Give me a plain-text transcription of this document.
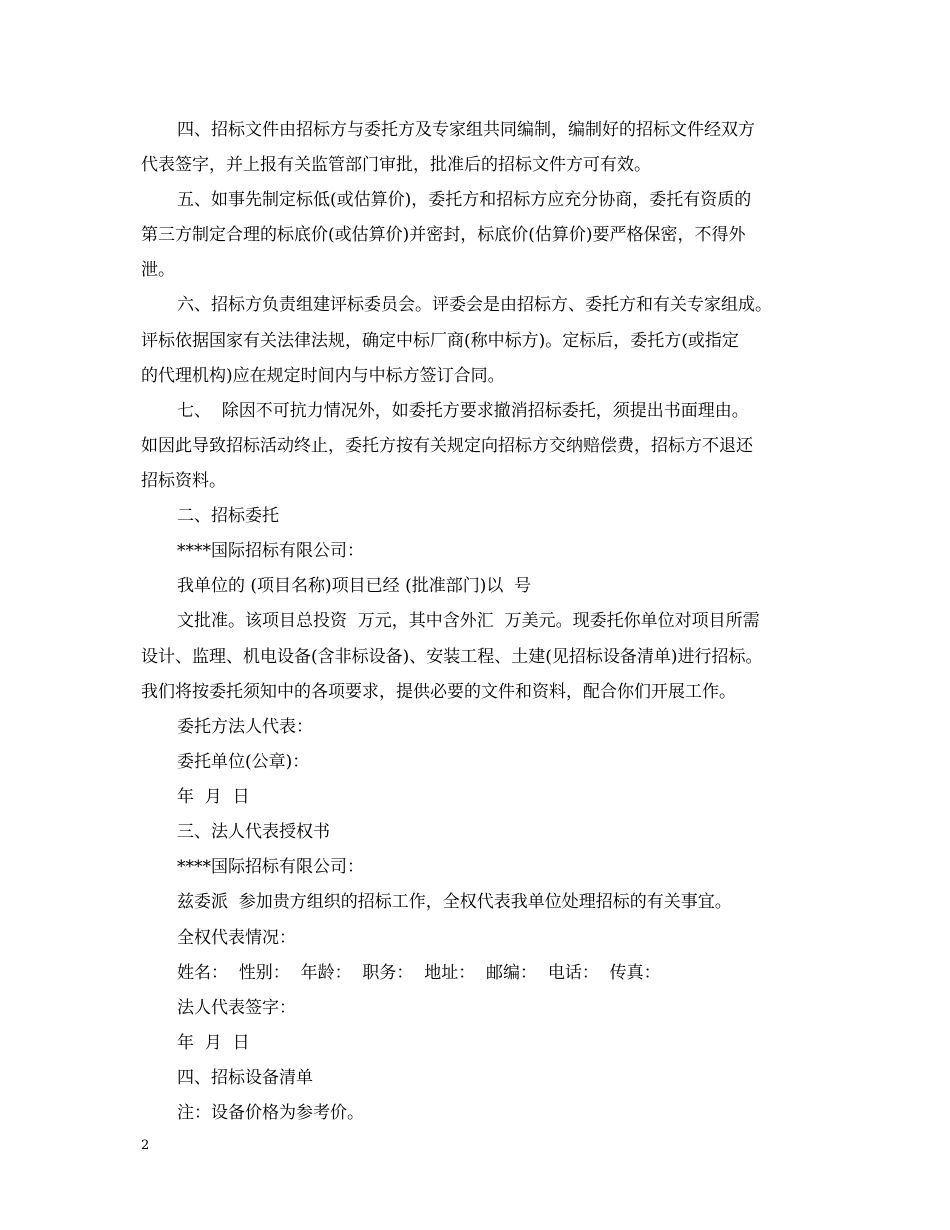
四、招标文件由招标方与委托方及专家组共同编制，编制好的招标文件经双方
代表签字，并上报有关监管部门审批，批准后的招标文件方可有效。
五、如事先制定标低(或估算价)，委托方和招标方应充分协商，委托有资质的
第三方制定合理的标底价(或估算价)并密封，标底价(估算价)要严格保密，不得外
泄。
六、招标方负责组建评标委员会。评委会是由招标方、委托方和有关专家组成。
评标依据国家有关法律法规，确定中标厂商(称中标方)。定标后，委托方(或指定
的代理机构)应在规定时间内与中标方签订合同。
七、  除因不可抗力情况外，如委托方要求撤消招标委托，须提出书面理由。
如因此导致招标活动终止，委托方按有关规定向招标方交纳赔偿费，招标方不退还
招标资料。
二、招标委托
****国际招标有限公司：
我单位的 (项目名称)项目已经 (批准部门)以  号
文批准。该项目总投资  万元，其中含外汇  万美元。现委托你单位对项目所需
设计、监理、机电设备(含非标设备)、安装工程、土建(见招标设备清单)进行招标。
我们将按委托须知中的各项要求，提供必要的文件和资料，配合你们开展工作。
委托方法人代表：
委托单位(公章)：
年  月  日
三、法人代表授权书
****国际招标有限公司：
兹委派  参加贵方组织的招标工作，全权代表我单位处理招标的有关事宜。
全权代表情况：
姓名：  性别：  年龄：  职务：  地址：  邮编：  电话：  传真：
法人代表签字：
年  月  日
四、招标设备清单
注：设备价格为参考价。
2
